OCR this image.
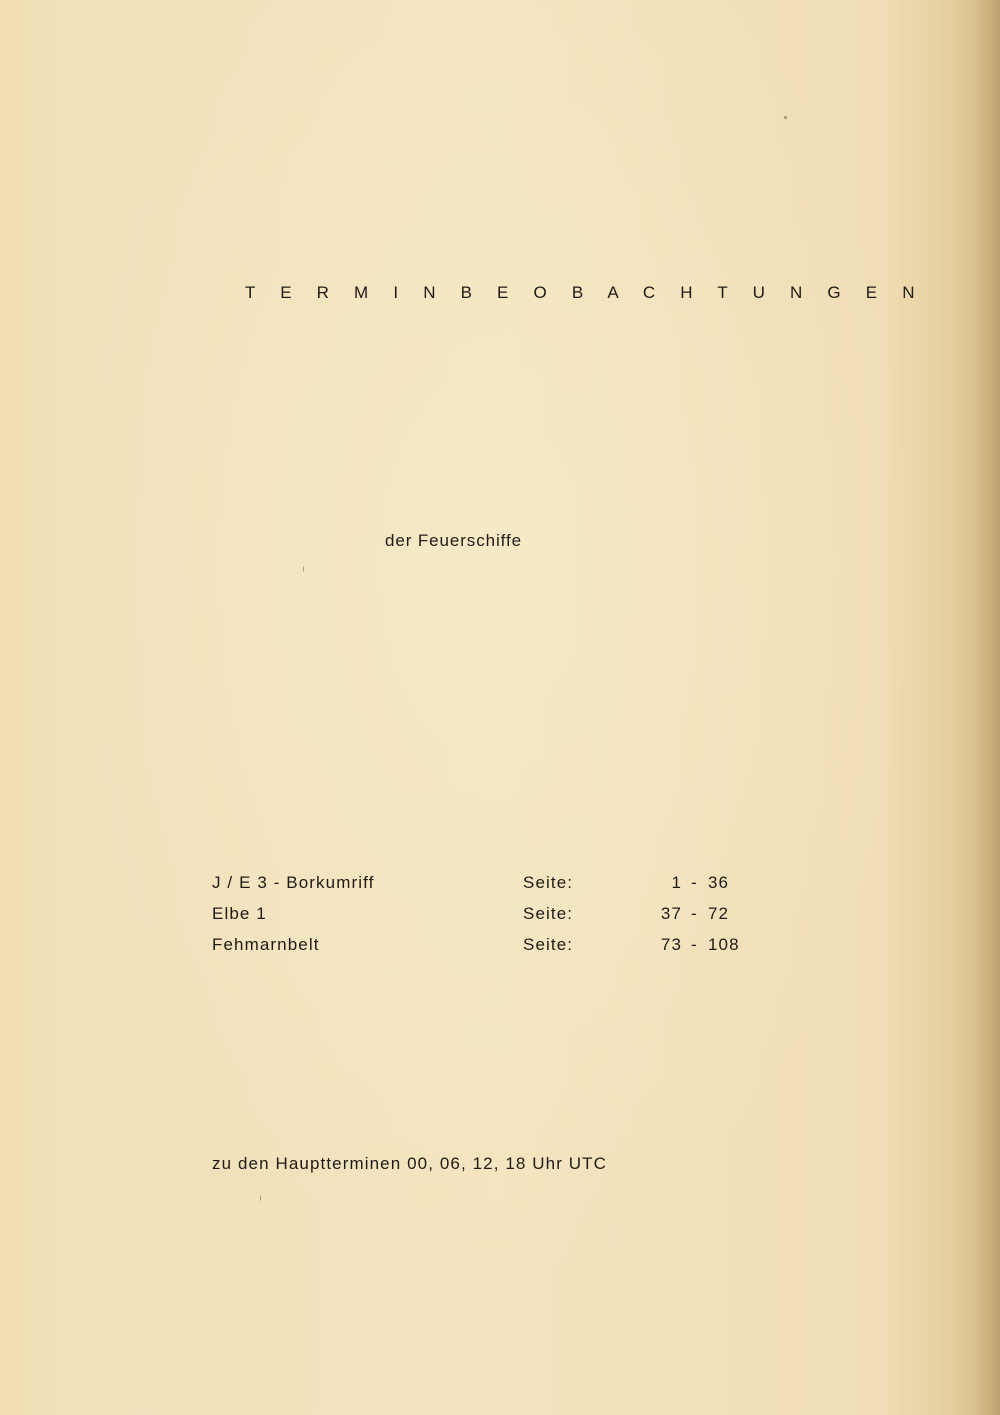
T E R M I N B E O B A C H T U N G E N
der Feuerschiffe
J / E 3 - Borkumriff	Seite:	1 - 36
Elbe 1	Seite:	37 - 72
Fehmarnbelt	Seite:	73 - 108
zu den Hauptterminen 00, 06, 12, 18 Uhr UTC
